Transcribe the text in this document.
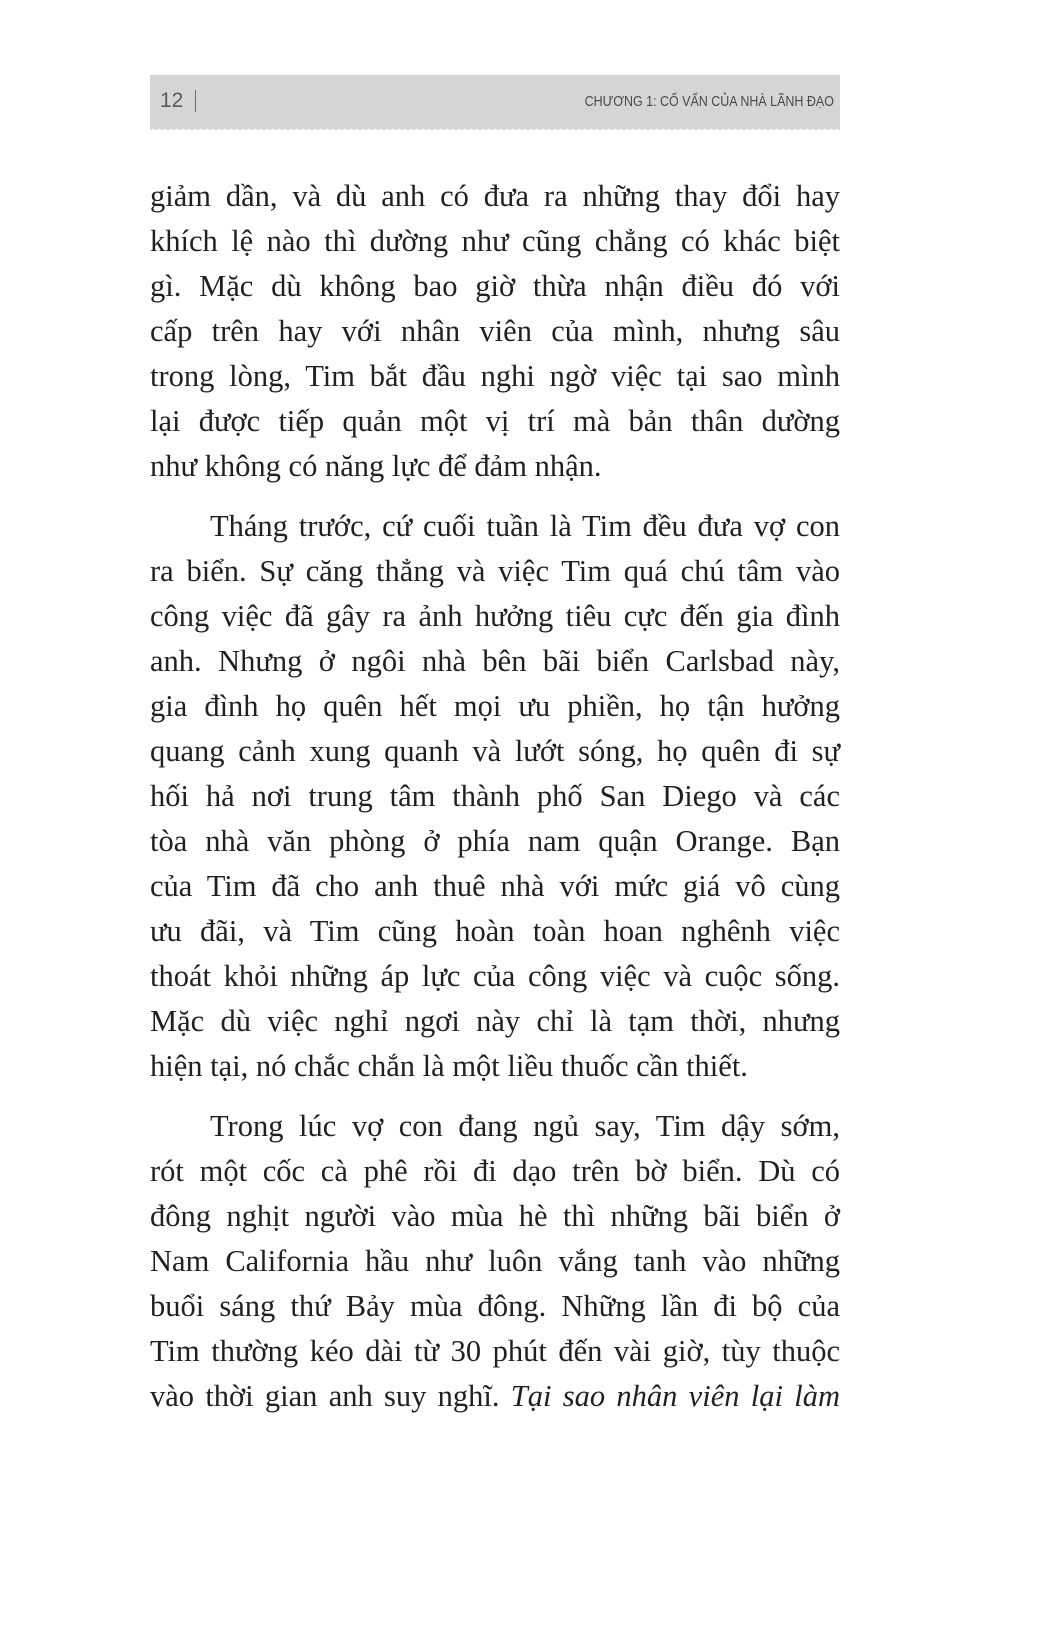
12	CHƯƠNG 1: CỐ VẤN CỦA NHÀ LÃNH ĐẠO
giảm dần, và dù anh có đưa ra những thay đổi hay
khích lệ nào thì dường như cũng chẳng có khác biệt
gì. Mặc dù không bao giờ thừa nhận điều đó với
cấp trên hay với nhân viên của mình, nhưng sâu
trong lòng, Tim bắt đầu nghi ngờ việc tại sao mình
lại được tiếp quản một vị trí mà bản thân dường
như không có năng lực để đảm nhận.
Tháng trước, cứ cuối tuần là Tim đều đưa vợ con
ra biển. Sự căng thẳng và việc Tim quá chú tâm vào
công việc đã gây ra ảnh hưởng tiêu cực đến gia đình
anh. Nhưng ở ngôi nhà bên bãi biển Carlsbad này,
gia đình họ quên hết mọi ưu phiền, họ tận hưởng
quang cảnh xung quanh và lướt sóng, họ quên đi sự
hối hả nơi trung tâm thành phố San Diego và các
tòa nhà văn phòng ở phía nam quận Orange. Bạn
của Tim đã cho anh thuê nhà với mức giá vô cùng
ưu đãi, và Tim cũng hoàn toàn hoan nghênh việc
thoát khỏi những áp lực của công việc và cuộc sống.
Mặc dù việc nghỉ ngơi này chỉ là tạm thời, nhưng
hiện tại, nó chắc chắn là một liều thuốc cần thiết.
Trong lúc vợ con đang ngủ say, Tim dậy sớm,
rót một cốc cà phê rồi đi dạo trên bờ biển. Dù có
đông nghịt người vào mùa hè thì những bãi biển ở
Nam California hầu như luôn vắng tanh vào những
buổi sáng thứ Bảy mùa đông. Những lần đi bộ của
Tim thường kéo dài từ 30 phút đến vài giờ, tùy thuộc
vào thời gian anh suy nghĩ. Tại sao nhân viên lại làm
